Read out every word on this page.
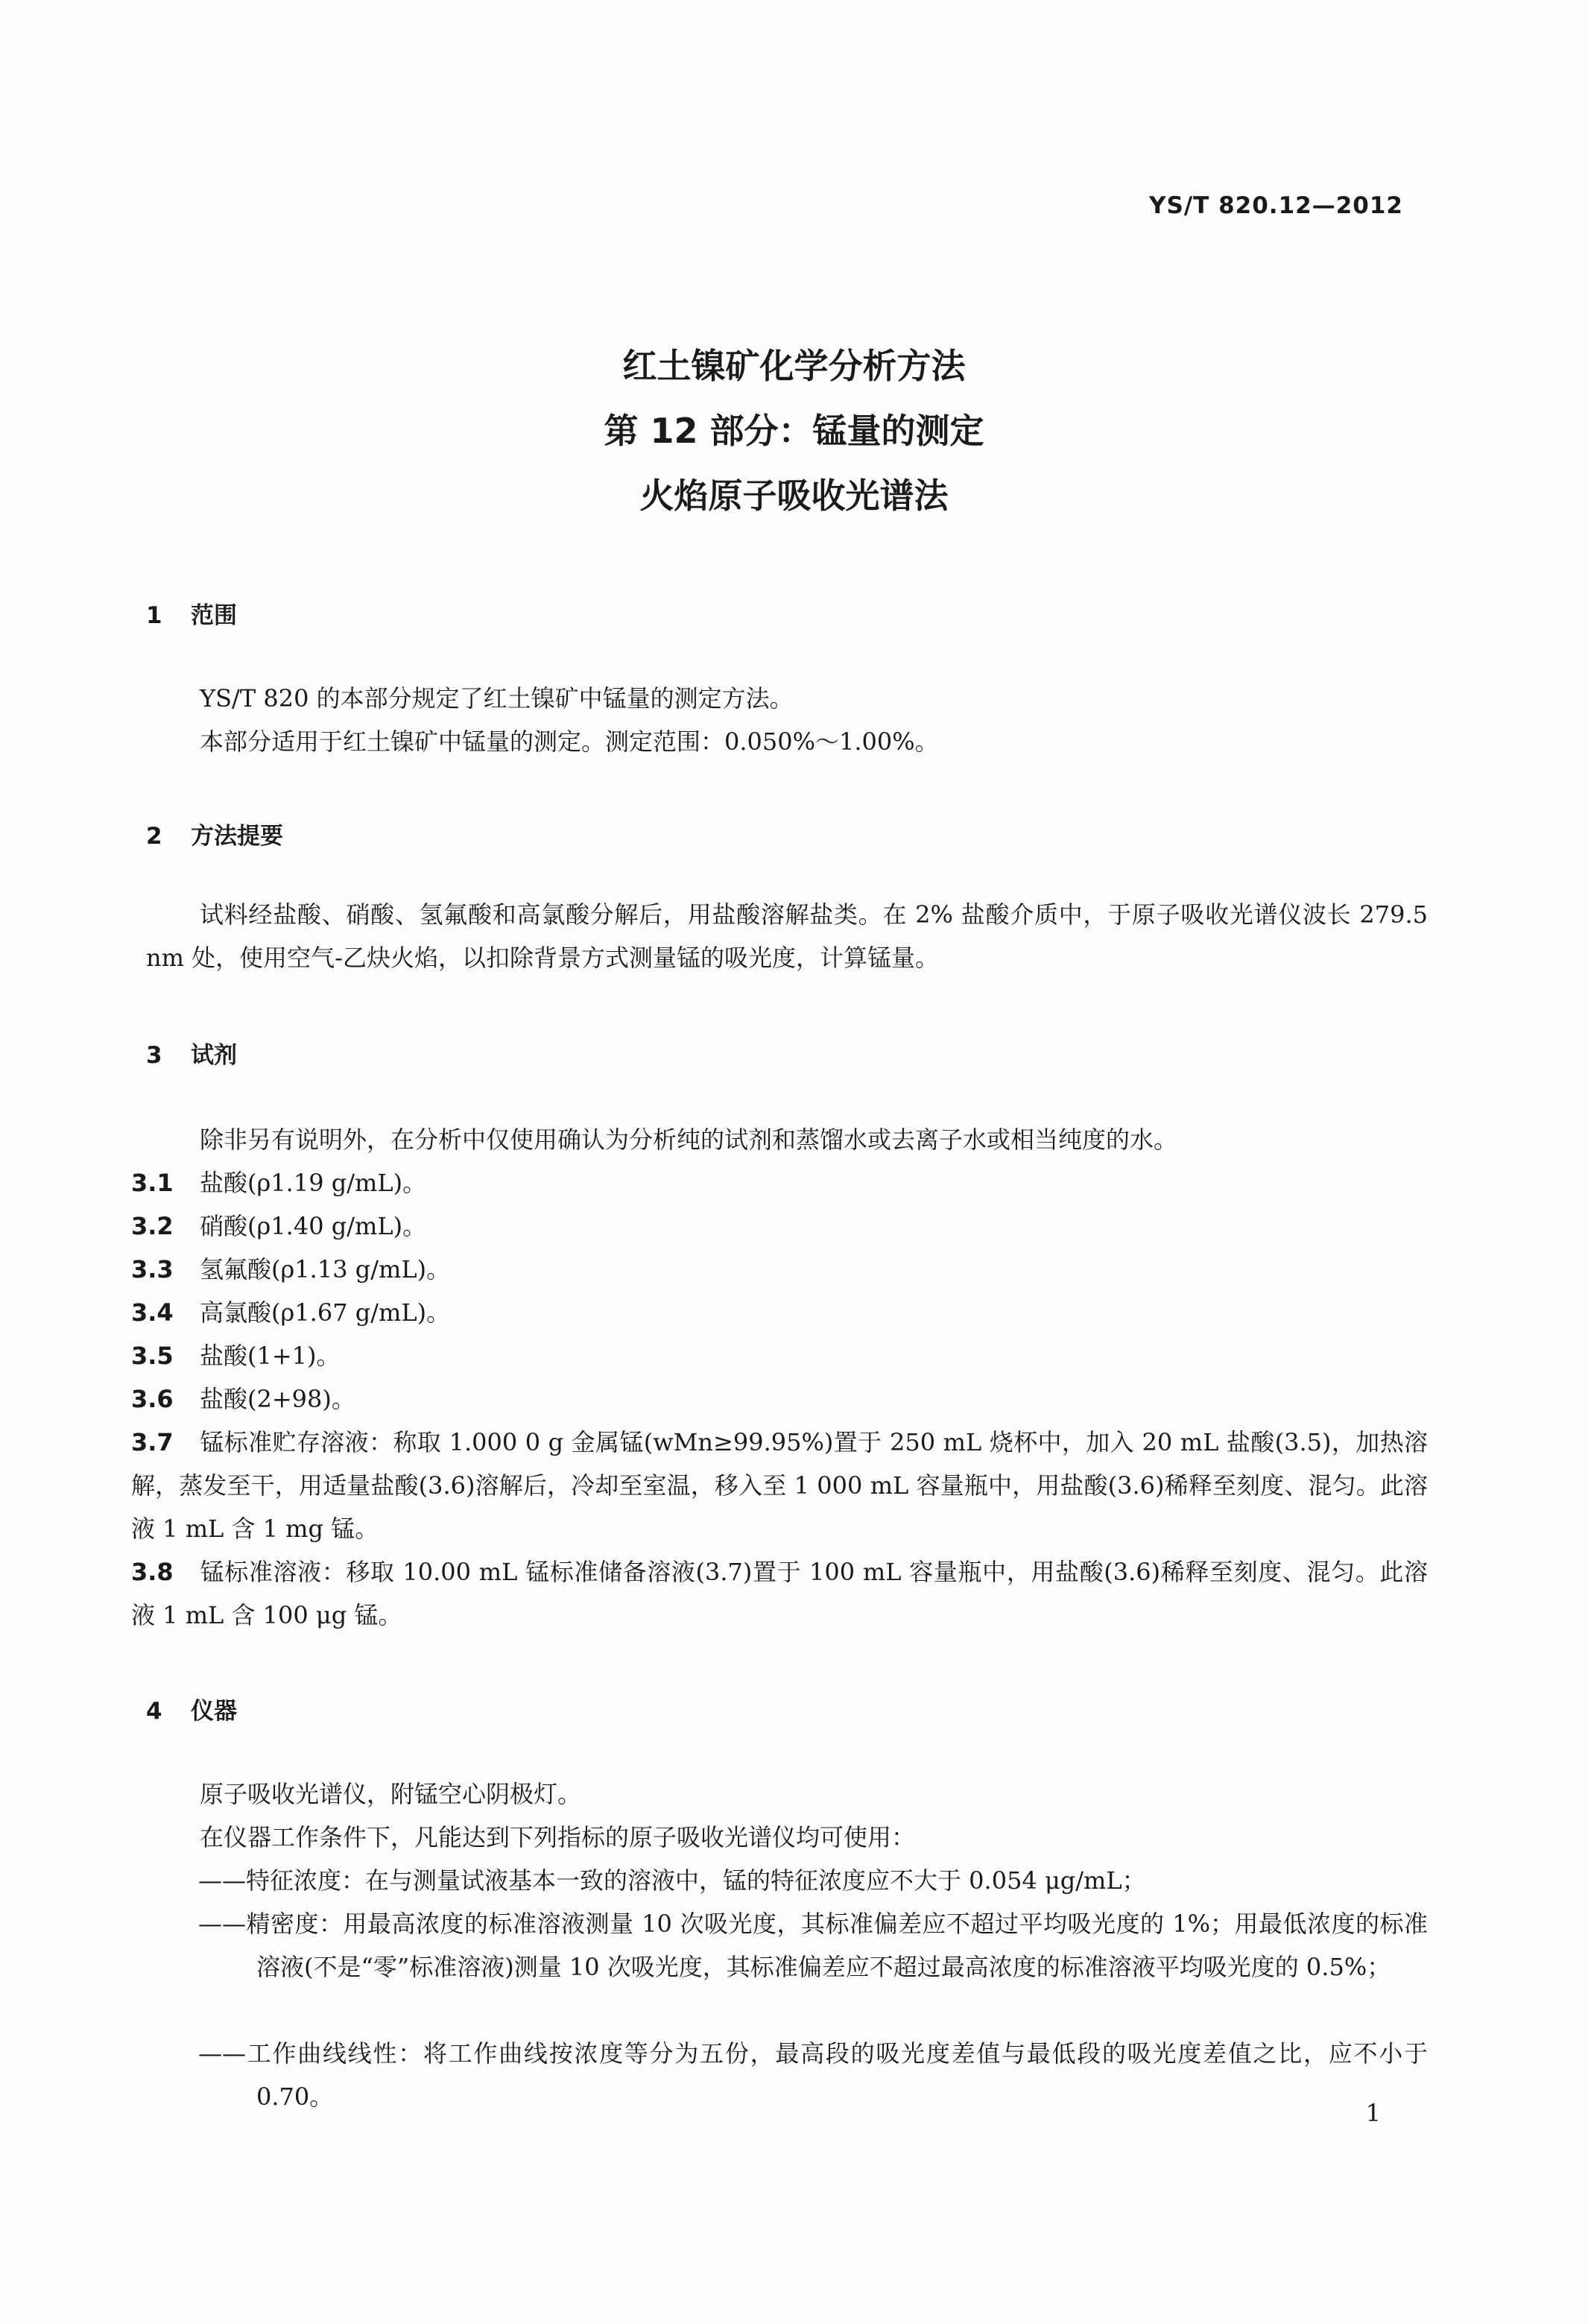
YS/T 820.12—2012
红土镍矿化学分析方法
第 12 部分：锰量的测定
火焰原子吸收光谱法
1 范围
YS/T 820 的本部分规定了红土镍矿中锰量的测定方法。
本部分适用于红土镍矿中锰量的测定。测定范围：0.050%～1.00%。
2 方法提要
试料经盐酸、硝酸、氢氟酸和高氯酸分解后，用盐酸溶解盐类。在 2% 盐酸介质中，于原子吸收光谱仪波长 279.5 nm 处，使用空气-乙炔火焰，以扣除背景方式测量锰的吸光度，计算锰量。
3 试剂
除非另有说明外，在分析中仅使用确认为分析纯的试剂和蒸馏水或去离子水或相当纯度的水。
3.1 盐酸(ρ1.19 g/mL)。
3.2 硝酸(ρ1.40 g/mL)。
3.3 氢氟酸(ρ1.13 g/mL)。
3.4 高氯酸(ρ1.67 g/mL)。
3.5 盐酸(1+1)。
3.6 盐酸(2+98)。
3.7 锰标准贮存溶液：称取 1.000 0 g 金属锰(wMn≥99.95%)置于 250 mL 烧杯中，加入 20 mL 盐酸(3.5)，加热溶解，蒸发至干，用适量盐酸(3.6)溶解后，冷却至室温，移入至 1 000 mL 容量瓶中，用盐酸(3.6)稀释至刻度、混匀。此溶液 1 mL 含 1 mg 锰。
3.8 锰标准溶液：移取 10.00 mL 锰标准储备溶液(3.7)置于 100 mL 容量瓶中，用盐酸(3.6)稀释至刻度、混匀。此溶液 1 mL 含 100 μg 锰。
4 仪器
原子吸收光谱仪，附锰空心阴极灯。
在仪器工作条件下，凡能达到下列指标的原子吸收光谱仪均可使用：
——特征浓度：在与测量试液基本一致的溶液中，锰的特征浓度应不大于 0.054 μg/mL；
——精密度：用最高浓度的标准溶液测量 10 次吸光度，其标准偏差应不超过平均吸光度的 1%；用最低浓度的标准溶液(不是“零”标准溶液)测量 10 次吸光度，其标准偏差应不超过最高浓度的标准溶液平均吸光度的 0.5%；
——工作曲线线性：将工作曲线按浓度等分为五份，最高段的吸光度差值与最低段的吸光度差值之比，应不小于 0.70。
1
